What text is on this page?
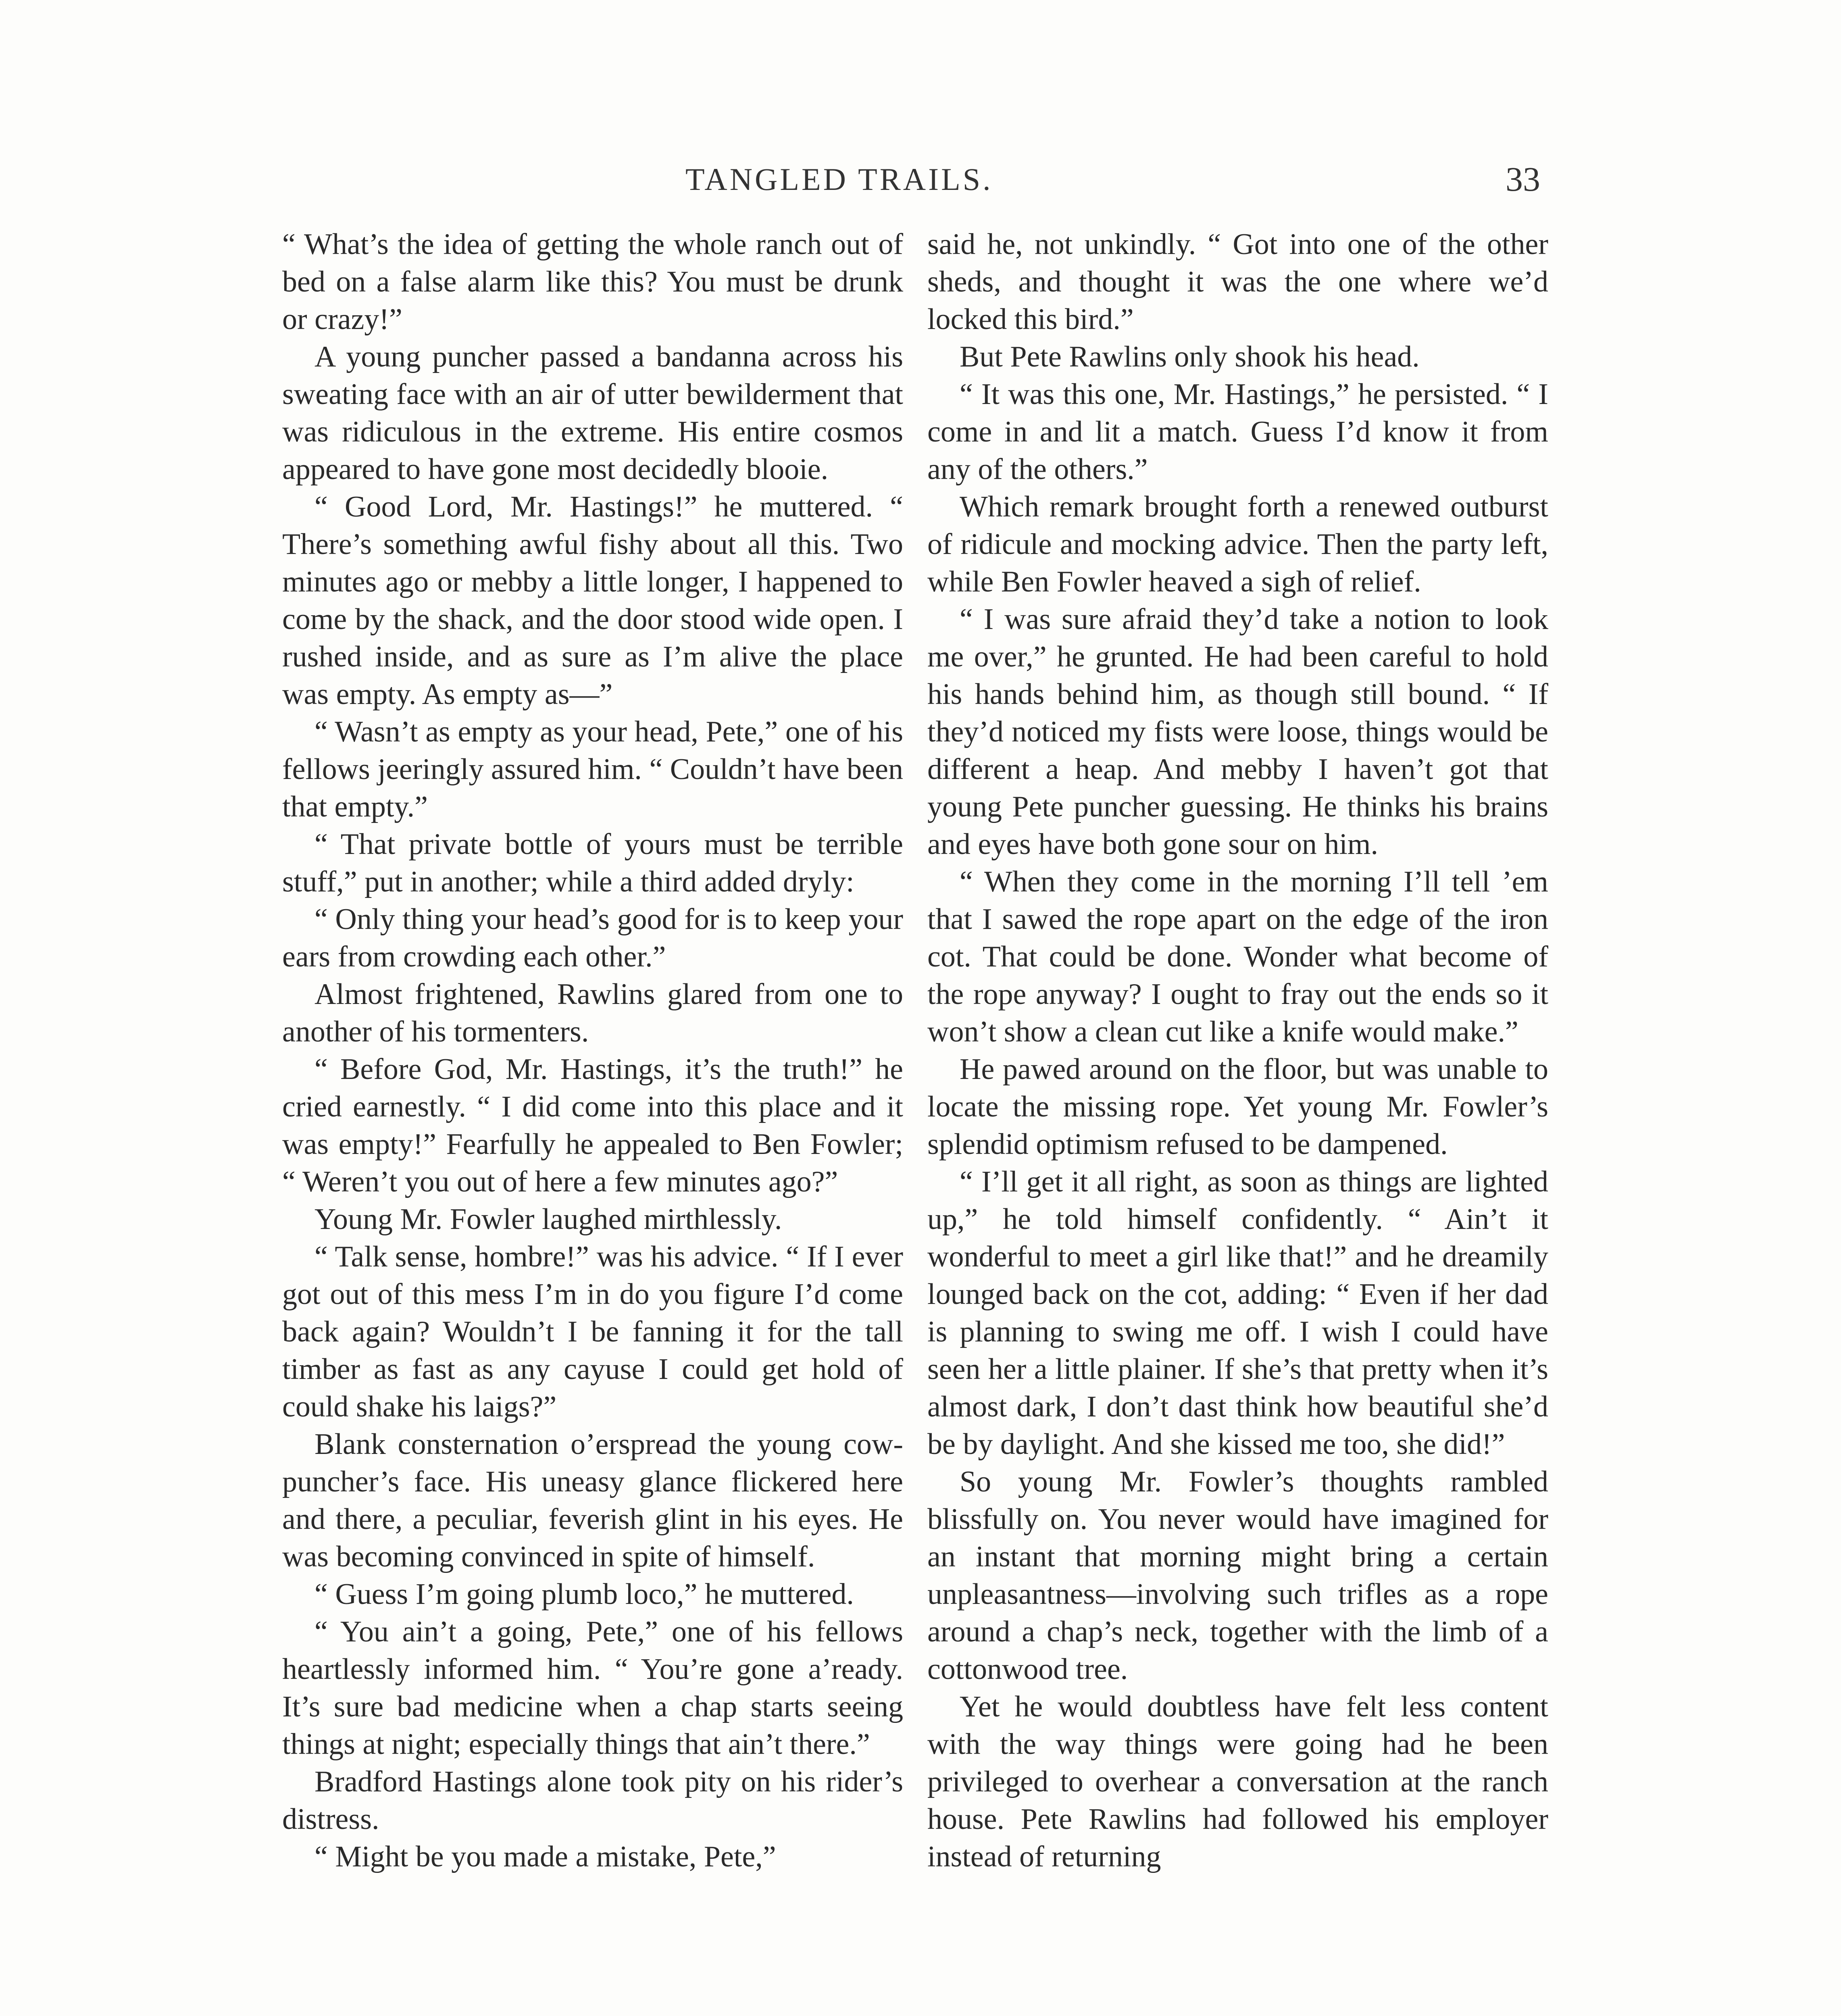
TANGLED TRAILS.	33

“ What’s the idea of getting the whole ranch out of bed on a false alarm like this? You must be drunk or crazy!”

A young puncher passed a bandanna across his sweating face with an air of utter bewilderment that was ridiculous in the extreme. His entire cosmos appeared to have gone most decidedly blooie.

“ Good Lord, Mr. Hastings!” he muttered. “ There’s something awful fishy about all this. Two minutes ago or mebby a little longer, I happened to come by the shack, and the door stood wide open. I rushed inside, and as sure as I’m alive the place was empty. As empty as—”

“ Wasn’t as empty as your head, Pete,” one of his fellows jeeringly assured him. “ Couldn’t have been that empty.”

“ That private bottle of yours must be terrible stuff,” put in another; while a third added dryly:

“ Only thing your head’s good for is to keep your ears from crowding each other.”

Almost frightened, Rawlins glared from one to another of his tormenters.

“ Before God, Mr. Hastings, it’s the truth!” he cried earnestly. “ I did come into this place and it was empty!” Fearfully he appealed to Ben Fowler; “ Weren’t you out of here a few minutes ago?”

Young Mr. Fowler laughed mirthlessly.

“ Talk sense, hombre!” was his advice. “ If I ever got out of this mess I’m in do you figure I’d come back again? Wouldn’t I be fanning it for the tall timber as fast as any cayuse I could get hold of could shake his laigs?”

Blank consternation o’erspread the young cow-puncher’s face. His uneasy glance flickered here and there, a peculiar, feverish glint in his eyes. He was becoming convinced in spite of himself.

“ Guess I’m going plumb loco,” he muttered.

“ You ain’t a going, Pete,” one of his fellows heartlessly informed him. “ You’re gone a’ready. It’s sure bad medicine when a chap starts seeing things at night; especially things that ain’t there.”

Bradford Hastings alone took pity on his rider’s distress.

“ Might be you made a mistake, Pete,”

said he, not unkindly. “ Got into one of the other sheds, and thought it was the one where we’d locked this bird.”

But Pete Rawlins only shook his head.

“ It was this one, Mr. Hastings,” he persisted. “ I come in and lit a match. Guess I’d know it from any of the others.”

Which remark brought forth a renewed outburst of ridicule and mocking advice. Then the party left, while Ben Fowler heaved a sigh of relief.

“ I was sure afraid they’d take a notion to look me over,” he grunted. He had been careful to hold his hands behind him, as though still bound. “ If they’d noticed my fists were loose, things would be different a heap. And mebby I haven’t got that young Pete puncher guessing. He thinks his brains and eyes have both gone sour on him.

“ When they come in the morning I’ll tell ’em that I sawed the rope apart on the edge of the iron cot. That could be done. Wonder what become of the rope anyway? I ought to fray out the ends so it won’t show a clean cut like a knife would make.”

He pawed around on the floor, but was unable to locate the missing rope. Yet young Mr. Fowler’s splendid optimism refused to be dampened.

“ I’ll get it all right, as soon as things are lighted up,” he told himself confidently. “ Ain’t it wonderful to meet a girl like that!” and he dreamily lounged back on the cot, adding: “ Even if her dad is planning to swing me off. I wish I could have seen her a little plainer. If she’s that pretty when it’s almost dark, I don’t dast think how beautiful she’d be by daylight. And she kissed me too, she did!”

So young Mr. Fowler’s thoughts rambled blissfully on. You never would have imagined for an instant that morning might bring a certain unpleasantness—involving such trifles as a rope around a chap’s neck, together with the limb of a cottonwood tree.

Yet he would doubtless have felt less content with the way things were going had he been privileged to overhear a conversation at the ranch house. Pete Rawlins had followed his employer instead of returning
